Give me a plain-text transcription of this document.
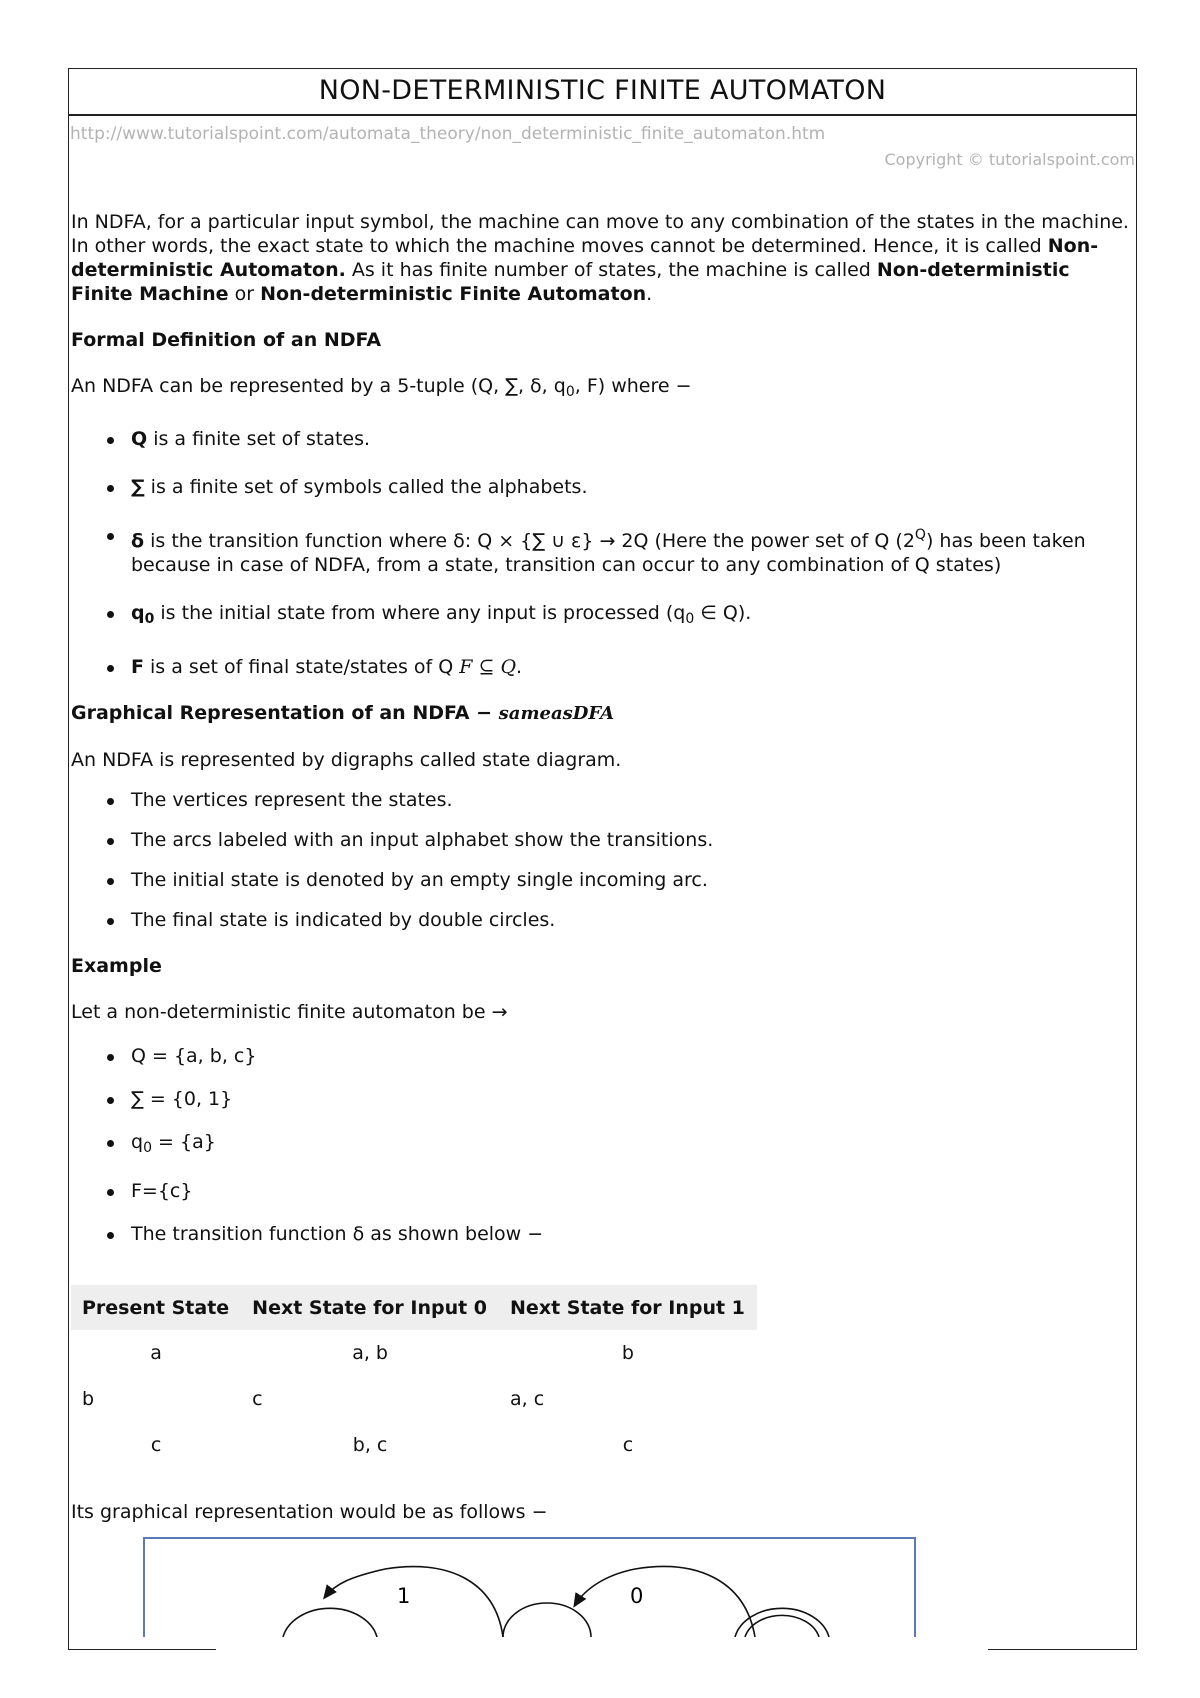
NON-DETERMINISTIC FINITE AUTOMATON
http://www.tutorialspoint.com/automata_theory/non_deterministic_finite_automaton.htm
Copyright © tutorialspoint.com

In NDFA, for a particular input symbol, the machine can move to any combination of the states in the machine. In other words, the exact state to which the machine moves cannot be determined. Hence, it is called Non-deterministic Automaton. As it has finite number of states, the machine is called Non-deterministic Finite Machine or Non-deterministic Finite Automaton.

Formal Definition of an NDFA

An NDFA can be represented by a 5-tuple (Q, ∑, δ, $q_0$, F) where −

Q is a finite set of states.
∑ is a finite set of symbols called the alphabets.
δ is the transition function where δ: Q × {∑ ∪ ε} → 2Q (Here the power set of Q $(2^Q)$ has been taken because in case of NDFA, from a state, transition can occur to any combination of Q states)
$q_0$ is the initial state from where any input is processed ($q_0$ ∈ Q).
F is a set of final state/states of Q F ⊆ Q.
Graphical Representation of an NDFA − sameasDFA

An NDFA is represented by digraphs called state diagram.

The vertices represent the states.
The arcs labeled with an input alphabet show the transitions.
The initial state is denoted by an empty single incoming arc.
The final state is indicated by double circles.
Example

Let a non-deterministic finite automaton be →

Q = {a, b, c}
∑ = {0, 1}
$q_0 = \{a\}$
F={c}
The transition function δ as shown below −
Present State	Next State for Input 0	Next State for Input 1
a	a, b	b
b	c	a, c
c	b, c	c

Its graphical representation would be as follows −

1	0
